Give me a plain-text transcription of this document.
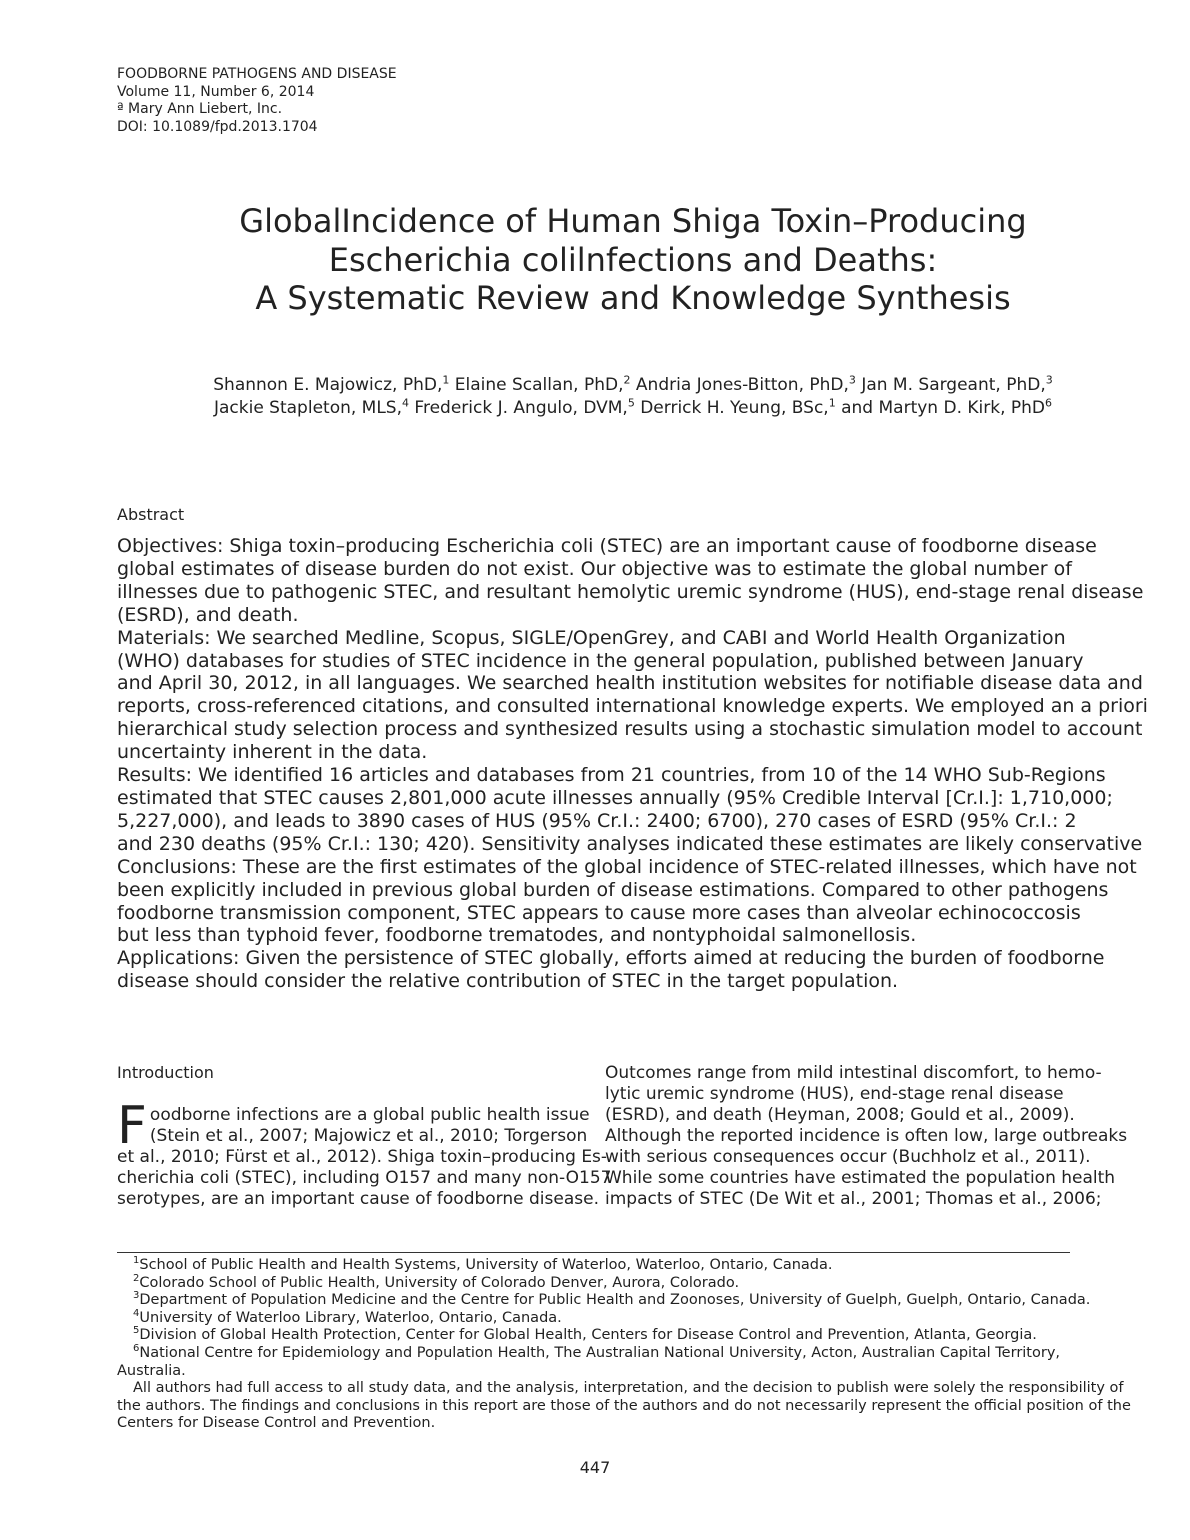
FOODBORNE PATHOGENS AND DISEASE
Volume 11, Number 6, 2014
ª Mary Ann Liebert, Inc.
DOI: 10.1089/fpd.2013.1704
GlobalIncidence of Human Shiga Toxin–Producing
Escherichia colilnfections and Deaths:
A Systematic Review and Knowledge Synthesis
Shannon E. Majowicz, PhD,$^1$ Elaine Scallan, PhD,$^2$ Andria Jones-Bitton, PhD,$^3$ Jan M. Sargeant, PhD,$^3$
Jackie Stapleton, MLS,$^4$ Frederick J. Angulo, DVM,$^5$ Derrick H. Yeung, BSc,$^1$ and Martyn D. Kirk, PhD$^6$
Abstract
Objectives: Shiga toxin–producing Escherichia coli (STEC) are an important cause of foodborne disease
global estimates of disease burden do not exist. Our objective was to estimate the global number of
illnesses due to pathogenic STEC, and resultant hemolytic uremic syndrome (HUS), end-stage renal disease
(ESRD), and death.
Materials: We searched Medline, Scopus, SIGLE/OpenGrey, and CABI and World Health Organization
(WHO) databases for studies of STEC incidence in the general population, published between January
and April 30, 2012, in all languages. We searched health institution websites for notifiable disease data and
reports, cross-referenced citations, and consulted international knowledge experts. We employed an a priori
hierarchical study selection process and synthesized results using a stochastic simulation model to account
uncertainty inherent in the data.
Results: We identified 16 articles and databases from 21 countries, from 10 of the 14 WHO Sub-Regions
estimated that STEC causes 2,801,000 acute illnesses annually (95% Credible Interval [Cr.I.]: 1,710,000;
5,227,000), and leads to 3890 cases of HUS (95% Cr.I.: 2400; 6700), 270 cases of ESRD (95% Cr.I.: 2
and 230 deaths (95% Cr.I.: 130; 420). Sensitivity analyses indicated these estimates are likely conservative
Conclusions: These are the first estimates of the global incidence of STEC-related illnesses, which have not
been explicitly included in previous global burden of disease estimations. Compared to other pathogens
foodborne transmission component, STEC appears to cause more cases than alveolar echinococcosis
but less than typhoid fever, foodborne trematodes, and nontyphoidal salmonellosis.
Applications: Given the persistence of STEC globally, efforts aimed at reducing the burden of foodborne
disease should consider the relative contribution of STEC in the target population.
Introduction
F oodborne infections are a global public health issue
(Stein et al., 2007; Majowicz et al., 2010; Torgerson
et al., 2010; Fürst et al., 2012). Shiga toxin–producing Es-
cherichia coli (STEC), including O157 and many non-O157
serotypes, are an important cause of foodborne disease.
Outcomes range from mild intestinal discomfort, to hemo-
lytic uremic syndrome (HUS), end-stage renal disease
(ESRD), and death (Heyman, 2008; Gould et al., 2009).
Although the reported incidence is often low, large outbreaks
with serious consequences occur (Buchholz et al., 2011).
While some countries have estimated the population health
impacts of STEC (De Wit et al., 2001; Thomas et al., 2006;
$^1$School of Public Health and Health Systems, University of Waterloo, Waterloo, Ontario, Canada.
$^2$Colorado School of Public Health, University of Colorado Denver, Aurora, Colorado.
$^3$Department of Population Medicine and the Centre for Public Health and Zoonoses, University of Guelph, Guelph, Ontario, Canada.
$^4$University of Waterloo Library, Waterloo, Ontario, Canada.
$^5$Division of Global Health Protection, Center for Global Health, Centers for Disease Control and Prevention, Atlanta, Georgia.
$^6$National Centre for Epidemiology and Population Health, The Australian National University, Acton, Australian Capital Territory,
Australia.
All authors had full access to all study data, and the analysis, interpretation, and the decision to publish were solely the responsibility of
the authors. The findings and conclusions in this report are those of the authors and do not necessarily represent the official position of the
Centers for Disease Control and Prevention.
447
